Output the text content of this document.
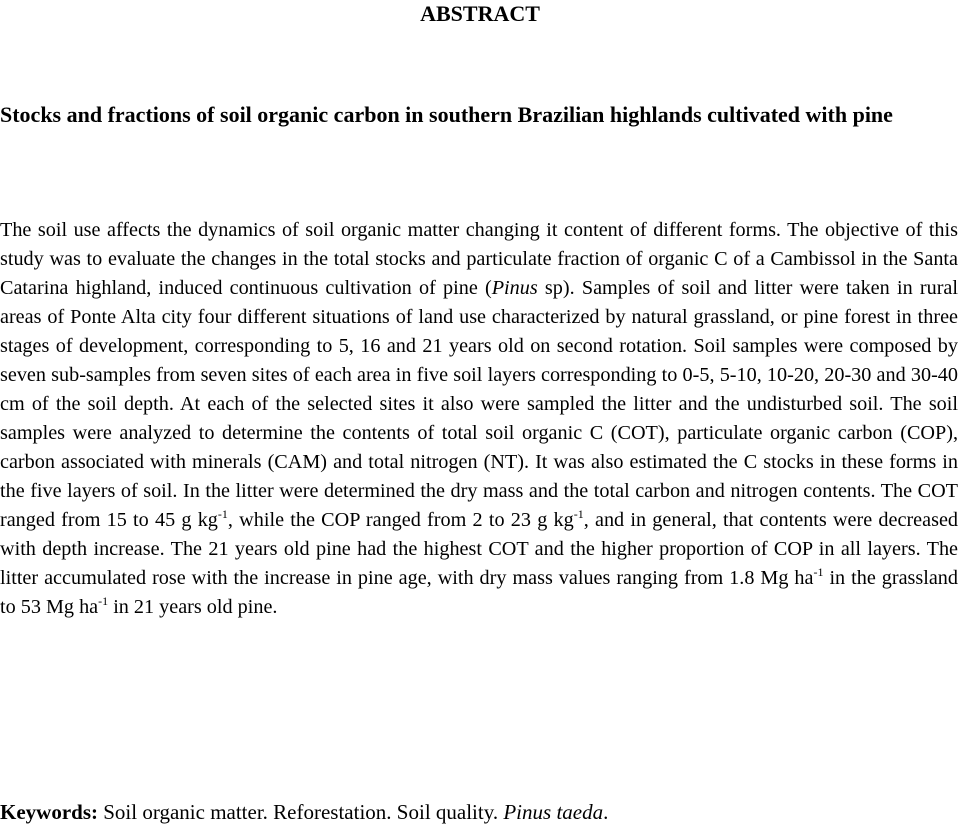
ABSTRACT
Stocks and fractions of soil organic carbon in southern Brazilian highlands cultivated with pine

The soil use affects the dynamics of soil organic matter changing it content of different forms. The objective of this study was to evaluate the changes in the total stocks and particulate fraction of organic C of a Cambissol in the Santa Catarina highland, induced continuous cultivation of pine (Pinus sp). Samples of soil and litter were taken in rural areas of Ponte Alta city four different situations of land use characterized by natural grassland, or pine forest in three stages of development, corresponding to 5, 16 and 21 years old on second rotation. Soil samples were composed by seven sub-samples from seven sites of each area in five soil layers corresponding to 0-5, 5-10, 10-20, 20-30 and 30-40 cm of the soil depth. At each of the selected sites it also were sampled the litter and the undisturbed soil. The soil samples were analyzed to determine the contents of total soil organic C (COT), particulate organic carbon (COP), carbon associated with minerals (CAM) and total nitrogen (NT). It was also estimated the C stocks in these forms in the five layers of soil. In the litter were determined the dry mass and the total carbon and nitrogen contents. The COT ranged from 15 to 45 g $kg^{-1}$, while the COP ranged from 2 to 23 g $kg^{-1}$, and in general, that contents were decreased with depth increase. The 21 years old pine had the highest COT and the higher proportion of COP in all layers. The litter accumulated rose with the increase in pine age, with dry mass values ranging from 1.8 Mg $ha^{-1}$ in the grassland to 53 Mg $ha^{-1}$ in 21 years old pine.

Keywords: Soil organic matter. Reforestation. Soil quality. Pinus taeda.
